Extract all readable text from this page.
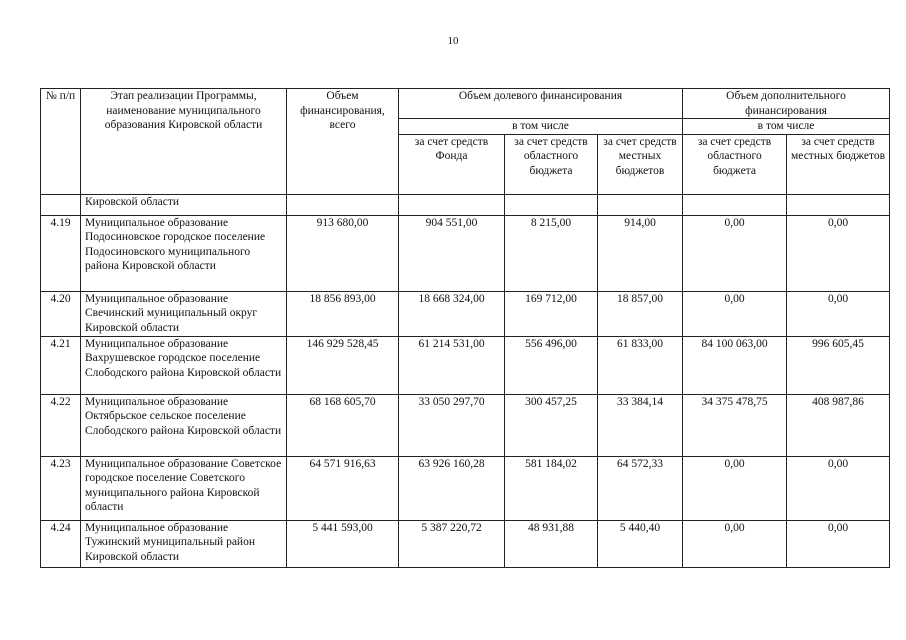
10
№ п/п	Этап реализации Программы, наименование муниципального образования Кировской области	Объем финансирования, всего	Объем долевого финансирования			Объем дополнительного финансирования	
			в том числе			в том числе	
			за счет средств Фонда	за счет средств областного бюджета	за счет средств местных бюджетов	за счет средств областного бюджета	за счет средств местных бюджетов
	Кировской области						
4.19	Муниципальное образование Подосиновское городское поселение Подосиновского муниципального района Кировской области	913 680,00	904 551,00	8 215,00	914,00	0,00	0,00
4.20	Муниципальное образование Свечинский муниципальный округ Кировской области	18 856 893,00	18 668 324,00	169 712,00	18 857,00	0,00	0,00
4.21	Муниципальное образование Вахрушевское городское поселение Слободского района Кировской области	146 929 528,45	61 214 531,00	556 496,00	61 833,00	84 100 063,00	996 605,45
4.22	Муниципальное образование Октябрьское сельское поселение Слободского района Кировской области	68 168 605,70	33 050 297,70	300 457,25	33 384,14	34 375 478,75	408 987,86
4.23	Муниципальное образование Советское городское поселение Советского муниципального района Кировской области	64 571 916,63	63 926 160,28	581 184,02	64 572,33	0,00	0,00
4.24	Муниципальное образование Тужинский муниципальный район Кировской области	5 441 593,00	5 387 220,72	48 931,88	5 440,40	0,00	0,00
